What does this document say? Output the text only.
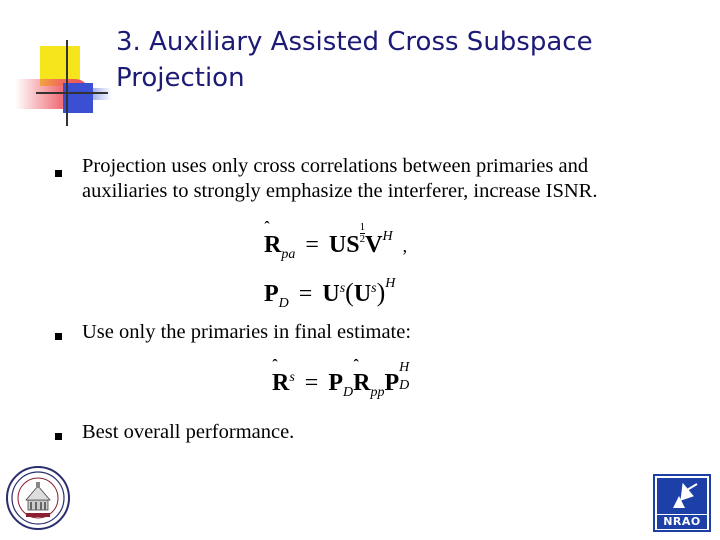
3. Auxiliary Assisted Cross Subspace
Projection
Projection uses only cross correlations between primaries and
auxiliaries to strongly emphasize the interferer, increase ISNR.
R
$_{pa}$ = US $\frac{1}{2} V^H$ ,
$P_D = U^s(U^s)^H$
Use only the primaries in final estimate:
R
$^s = P_DR$
$_{pp}$P
H
D
Best overall performance.
NRAO
